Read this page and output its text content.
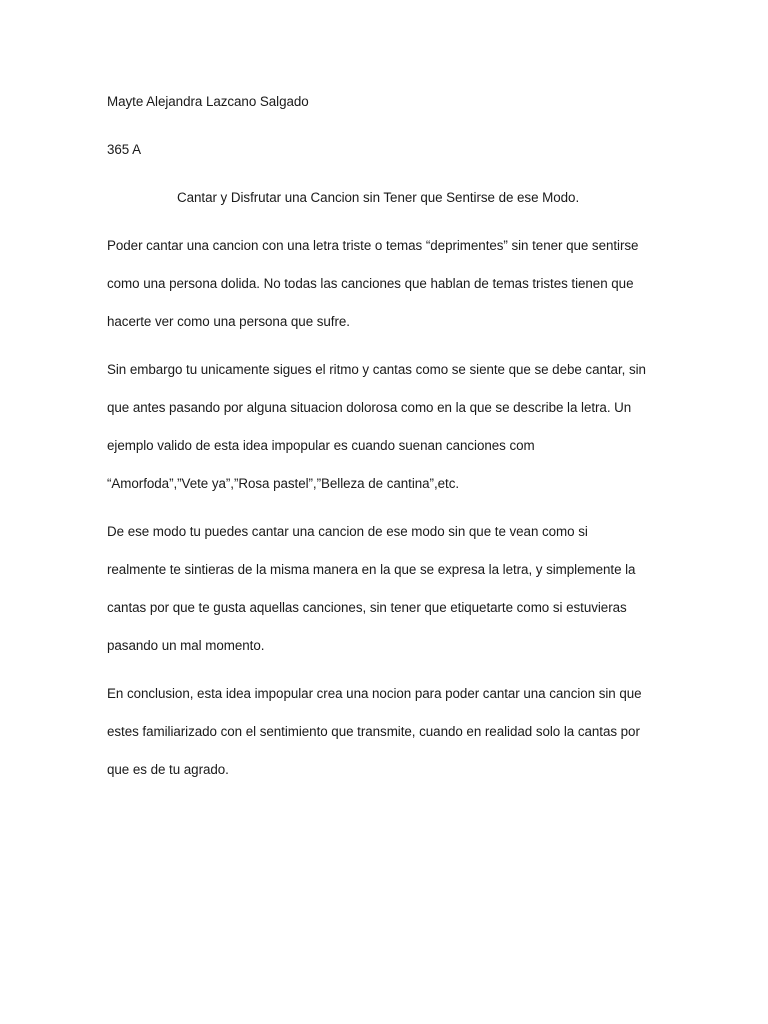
Mayte Alejandra Lazcano Salgado
365 A
Cantar y Disfrutar una Cancion sin Tener que Sentirse de ese Modo.
Poder cantar una cancion con una letra triste o temas “deprimentes” sin tener que sentirse
como una persona dolida. No todas las canciones que hablan de temas tristes tienen que
hacerte ver como una persona que sufre.
Sin embargo tu unicamente sigues el ritmo y cantas como se siente que se debe cantar, sin
que antes pasando por alguna situacion dolorosa como en la que se describe la letra. Un
ejemplo valido de esta idea impopular es cuando suenan canciones com
“Amorfoda”,”Vete ya”,”Rosa pastel”,”Belleza de cantina”,etc.
De ese modo tu puedes cantar una cancion de ese modo sin que te vean como si
realmente te sintieras de la misma manera en la que se expresa la letra, y simplemente la
cantas por que te gusta aquellas canciones, sin tener que etiquetarte como si estuvieras
pasando un mal momento.
En conclusion, esta idea impopular crea una nocion para poder cantar una cancion sin que
estes familiarizado con el sentimiento que transmite, cuando en realidad solo la cantas por
que es de tu agrado.
